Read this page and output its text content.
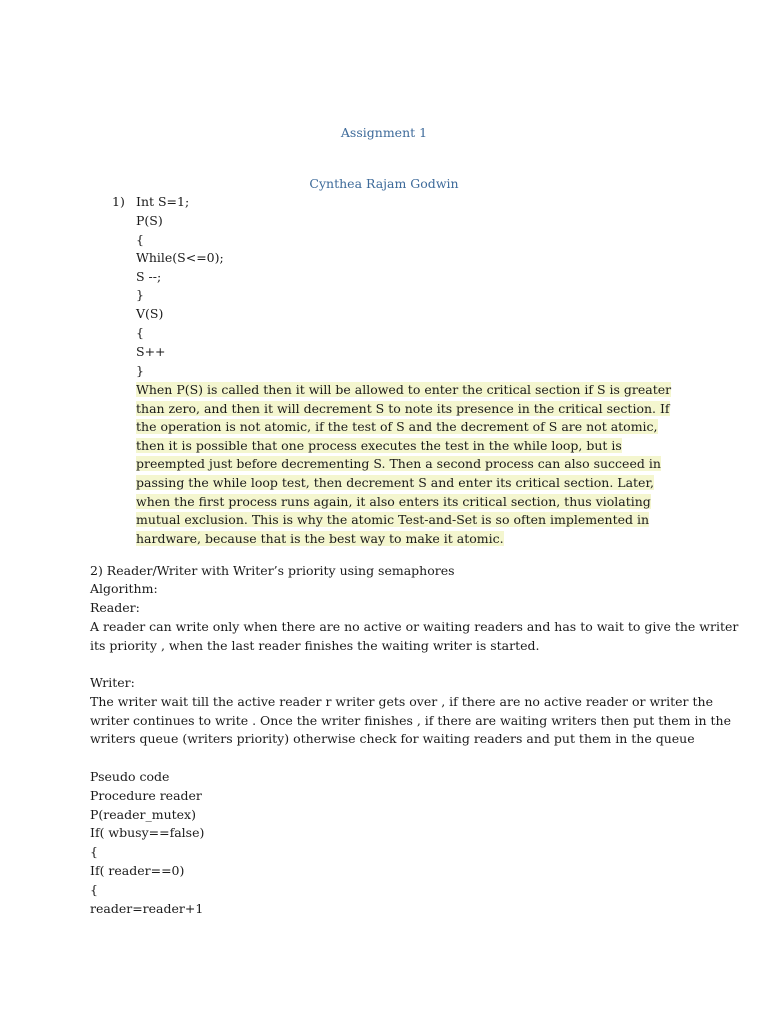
Assignment 1
Cynthea Rajam Godwin
1) Int S=1;
P(S)
{
While(S<=0);
S --;
}
V(S)
{
S++
}
When P(S) is called then it will be allowed to enter the critical section if S is greater than zero, and then it will decrement S to note its presence in the critical section. If the operation is not atomic, if the test of S and the decrement of S are not atomic, then it is possible that one process executes the test in the while loop, but is preempted just before decrementing S. Then a second process can also succeed in passing the while loop test, then decrement S and enter its critical section. Later, when the first process runs again, it also enters its critical section, thus violating mutual exclusion. This is why the atomic Test-and-Set is so often implemented in hardware, because that is the best way to make it atomic.
2) Reader/Writer with Writer’s priority using semaphores
Algorithm:
Reader:
A reader can write only when there are no active or waiting readers and has to wait to give the writer
its priority , when the last reader finishes the waiting writer is started.
Writer:
The writer wait till the active reader r writer gets over , if there are no active reader or writer the
writer continues to write . Once the writer finishes , if there are waiting writers then put them in the
writers queue (writers priority) otherwise check for waiting readers and put them in the queue
Pseudo code
Procedure reader
P(reader_mutex)
If( wbusy==false)
{
If( reader==0)
{
reader=reader+1
